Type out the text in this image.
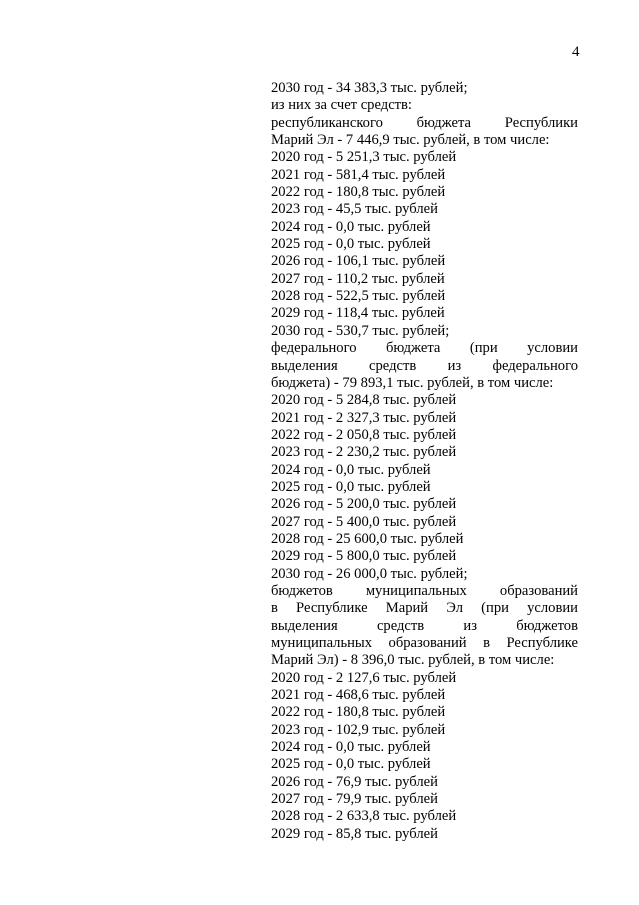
4
2030 год - 34 383,3 тыс. рублей;
из них за счет средств:
республиканского бюджета Республики
Марий Эл - 7 446,9 тыс. рублей, в том числе:
2020 год - 5 251,3 тыс. рублей
2021 год - 581,4 тыс. рублей
2022 год - 180,8 тыс. рублей
2023 год - 45,5 тыс. рублей
2024 год - 0,0 тыс. рублей
2025 год - 0,0 тыс. рублей
2026 год - 106,1 тыс. рублей
2027 год - 110,2 тыс. рублей
2028 год - 522,5 тыс. рублей
2029 год - 118,4 тыс. рублей
2030 год - 530,7 тыс. рублей;
федерального бюджета (при условии
выделения средств из федерального
бюджета) - 79 893,1 тыс. рублей, в том числе:
2020 год - 5 284,8 тыс. рублей
2021 год - 2 327,3 тыс. рублей
2022 год - 2 050,8 тыс. рублей
2023 год - 2 230,2 тыс. рублей
2024 год - 0,0 тыс. рублей
2025 год - 0,0 тыс. рублей
2026 год - 5 200,0 тыс. рублей
2027 год - 5 400,0 тыс. рублей
2028 год - 25 600,0 тыс. рублей
2029 год - 5 800,0 тыс. рублей
2030 год - 26 000,0 тыс. рублей;
бюджетов муниципальных образований
в Республике Марий Эл (при условии
выделения средств из бюджетов
муниципальных образований в Республике
Марий Эл) - 8 396,0 тыс. рублей, в том числе:
2020 год - 2 127,6 тыс. рублей
2021 год - 468,6 тыс. рублей
2022 год - 180,8 тыс. рублей
2023 год - 102,9 тыс. рублей
2024 год - 0,0 тыс. рублей
2025 год - 0,0 тыс. рублей
2026 год - 76,9 тыс. рублей
2027 год - 79,9 тыс. рублей
2028 год - 2 633,8 тыс. рублей
2029 год - 85,8 тыс. рублей
